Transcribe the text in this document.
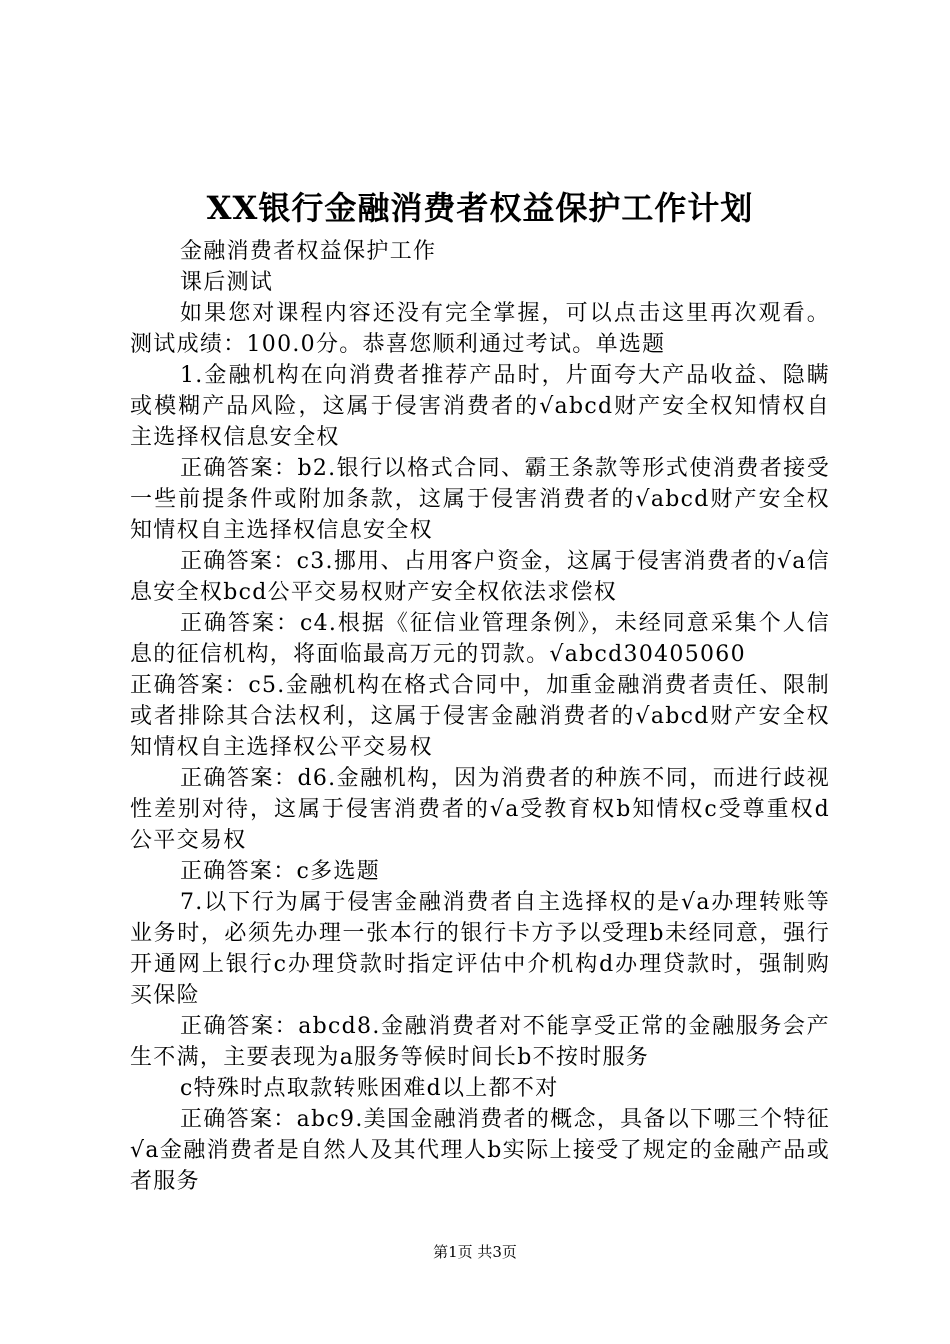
XX银行金融消费者权益保护工作计划

金融消费者权益保护工作

课后测试

如果您对课程内容还没有完全掌握，可以点击这里再次观看。测试成绩：100.0分。恭喜您顺利通过考试。单选题

1.金融机构在向消费者推荐产品时，片面夸大产品收益、隐瞒或模糊产品风险，这属于侵害消费者的√abcd财产安全权知情权自主选择权信息安全权

正确答案：b2.银行以格式合同、霸王条款等形式使消费者接受一些前提条件或附加条款，这属于侵害消费者的√abcd财产安全权知情权自主选择权信息安全权

正确答案：c3.挪用、占用客户资金，这属于侵害消费者的√a信息安全权bcd公平交易权财产安全权依法求偿权

正确答案：c4.根据《征信业管理条例》，未经同意采集个人信息的征信机构，将面临最高万元的罚款。√abcd30405060

正确答案：c5.金融机构在格式合同中，加重金融消费者责任、限制或者排除其合法权利，这属于侵害金融消费者的√abcd财产安全权知情权自主选择权公平交易权

正确答案：d6.金融机构，因为消费者的种族不同，而进行歧视性差别对待，这属于侵害消费者的√a受教育权b知情权c受尊重权d公平交易权

正确答案：c多选题

7.以下行为属于侵害金融消费者自主选择权的是√a办理转账等业务时，必须先办理一张本行的银行卡方予以受理b未经同意，强行开通网上银行c办理贷款时指定评估中介机构d办理贷款时，强制购买保险

正确答案：abcd8.金融消费者对不能享受正常的金融服务会产生不满，主要表现为a服务等候时间长b不按时服务

c特殊时点取款转账困难d以上都不对

正确答案：abc9.美国金融消费者的概念，具备以下哪三个特征√a金融消费者是自然人及其代理人b实际上接受了规定的金融产品或者服务

第1页 共3页
